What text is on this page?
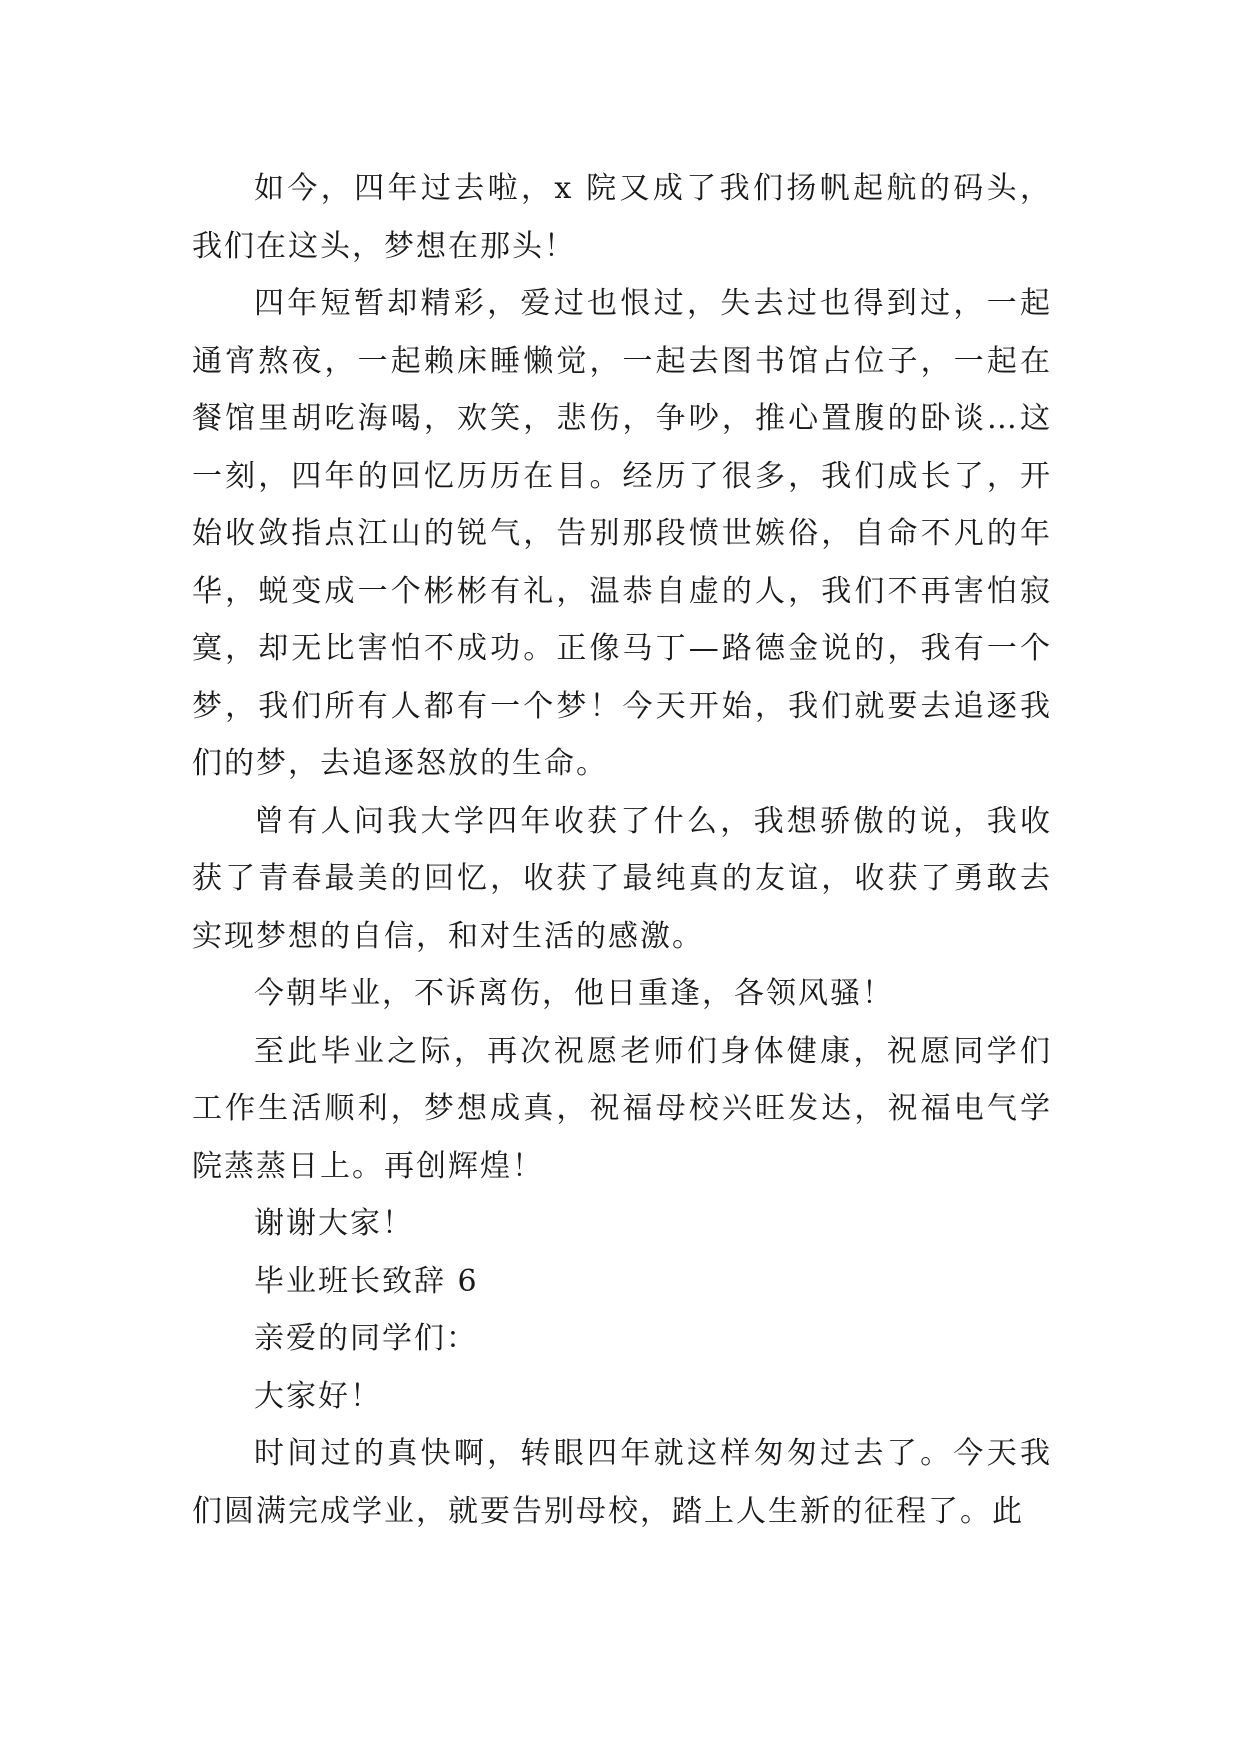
如今，四年过去啦，x 院又成了我们扬帆起航的码头，我们在这头，梦想在那头！

四年短暂却精彩，爱过也恨过，失去过也得到过，一起通宵熬夜，一起赖床睡懒觉，一起去图书馆占位子，一起在餐馆里胡吃海喝，欢笑，悲伤，争吵，推心置腹的卧谈…这一刻，四年的回忆历历在目。经历了很多，我们成长了，开始收敛指点江山的锐气，告别那段愤世嫉俗，自命不凡的年华，蜕变成一个彬彬有礼，温恭自虚的人，我们不再害怕寂寞，却无比害怕不成功。正像马丁—路德金说的，我有一个梦，我们所有人都有一个梦！今天开始，我们就要去追逐我们的梦，去追逐怒放的生命。

曾有人问我大学四年收获了什么，我想骄傲的说，我收获了青春最美的回忆，收获了最纯真的友谊，收获了勇敢去实现梦想的自信，和对生活的感激。

今朝毕业，不诉离伤，他日重逢，各领风骚！

至此毕业之际，再次祝愿老师们身体健康，祝愿同学们工作生活顺利，梦想成真，祝福母校兴旺发达，祝福电气学院蒸蒸日上。再创辉煌！

谢谢大家！

毕业班长致辞 6

亲爱的同学们：

大家好！

时间过的真快啊，转眼四年就这样匆匆过去了。今天我们圆满完成学业，就要告别母校，踏上人生新的征程了。此
